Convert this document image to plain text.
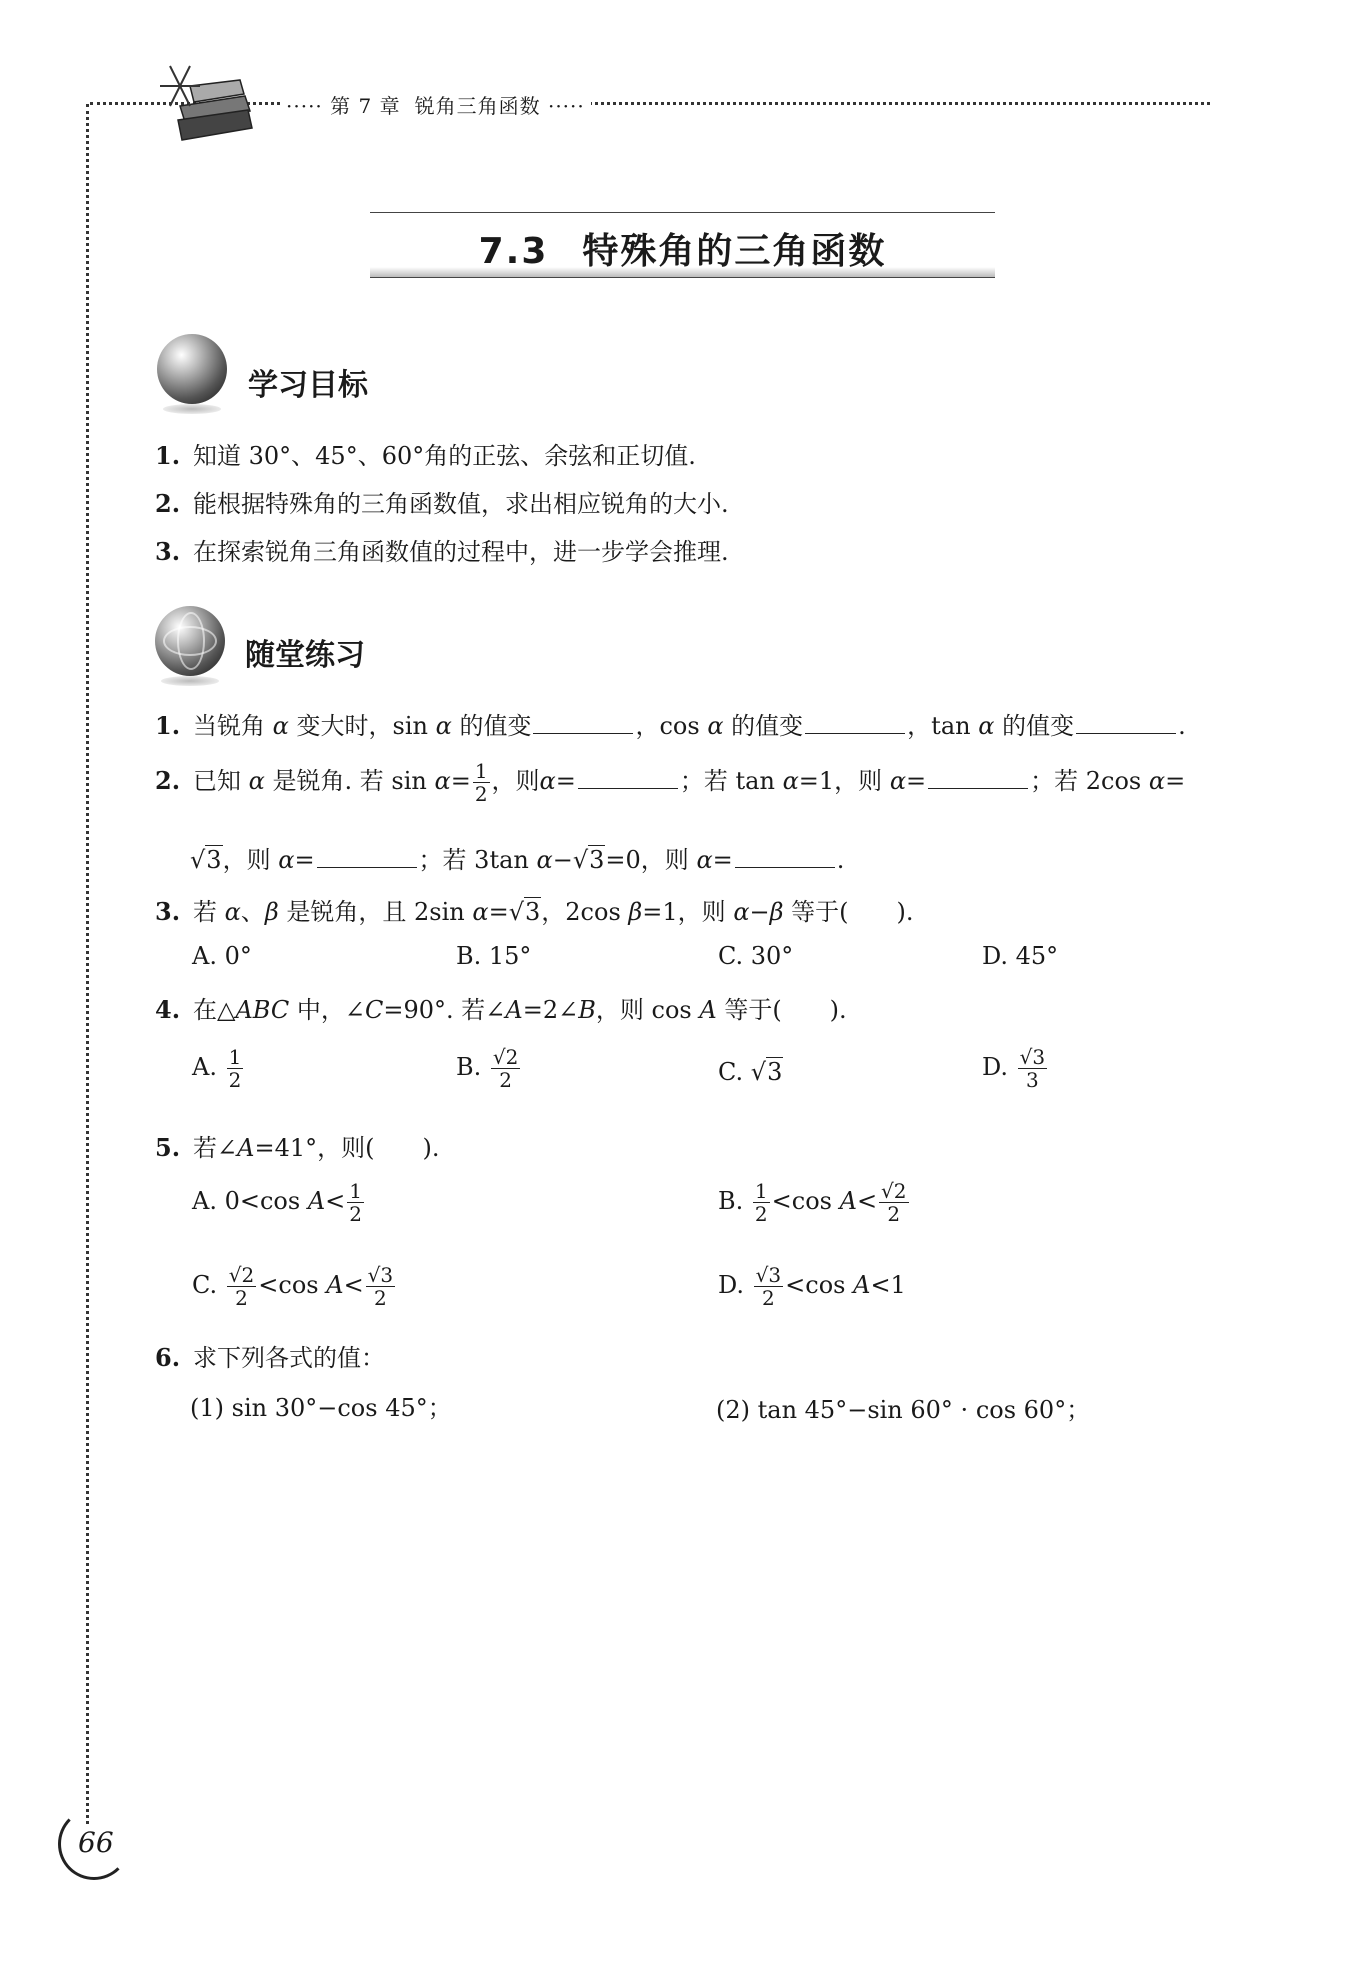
····· 第 7 章 锐角三角函数 ·····
7.3 特殊角的三角函数
学习目标
1. 知道 30°、45°、60°角的正弦、余弦和正切值.
2. 能根据特殊角的三角函数值，求出相应锐角的大小.
3. 在探索锐角三角函数值的过程中，进一步学会推理.
随堂练习
1. 当锐角 α 变大时，sin α 的值变	，cos α 的值变	，tan α 的值变	.
2. 已知 α 是锐角. 若 $\sin \alpha= \frac{1}{2}$ ，则α=	；若 tan α=1，则 α=	；若 2cos α=
√3，则 α=	；若 3tan α−√3=0，则 α=	.
3. 若 α、β 是锐角，且 2sin α=√3，2cos β=1，则 α−β 等于(　　).
A. 0°	B. 15°	C. 30°	D. 45°
4. 在△ABC 中，∠C=90°. 若∠A=2∠B，则 cos A 等于(　　).
A. $\frac{1}{2}$	B. $\frac{√2}{2}$	C. √3	D. $\frac{√3}{3}$
5. 若∠A=41°，则(　　).
A. 0<cos $A< \frac{1}{2}$	B. $\frac{1}{2} <\cos$ $A< \frac{√2}{2}$
C. $\frac{√2}{2} <\cos$ $A< \frac{√3}{2}$	D. $\frac{√3}{2} <\cos$ A<1
6. 求下列各式的值：
(1) sin 30°−cos 45°；	(2) tan 45°−sin 60° · cos 60°；
66
